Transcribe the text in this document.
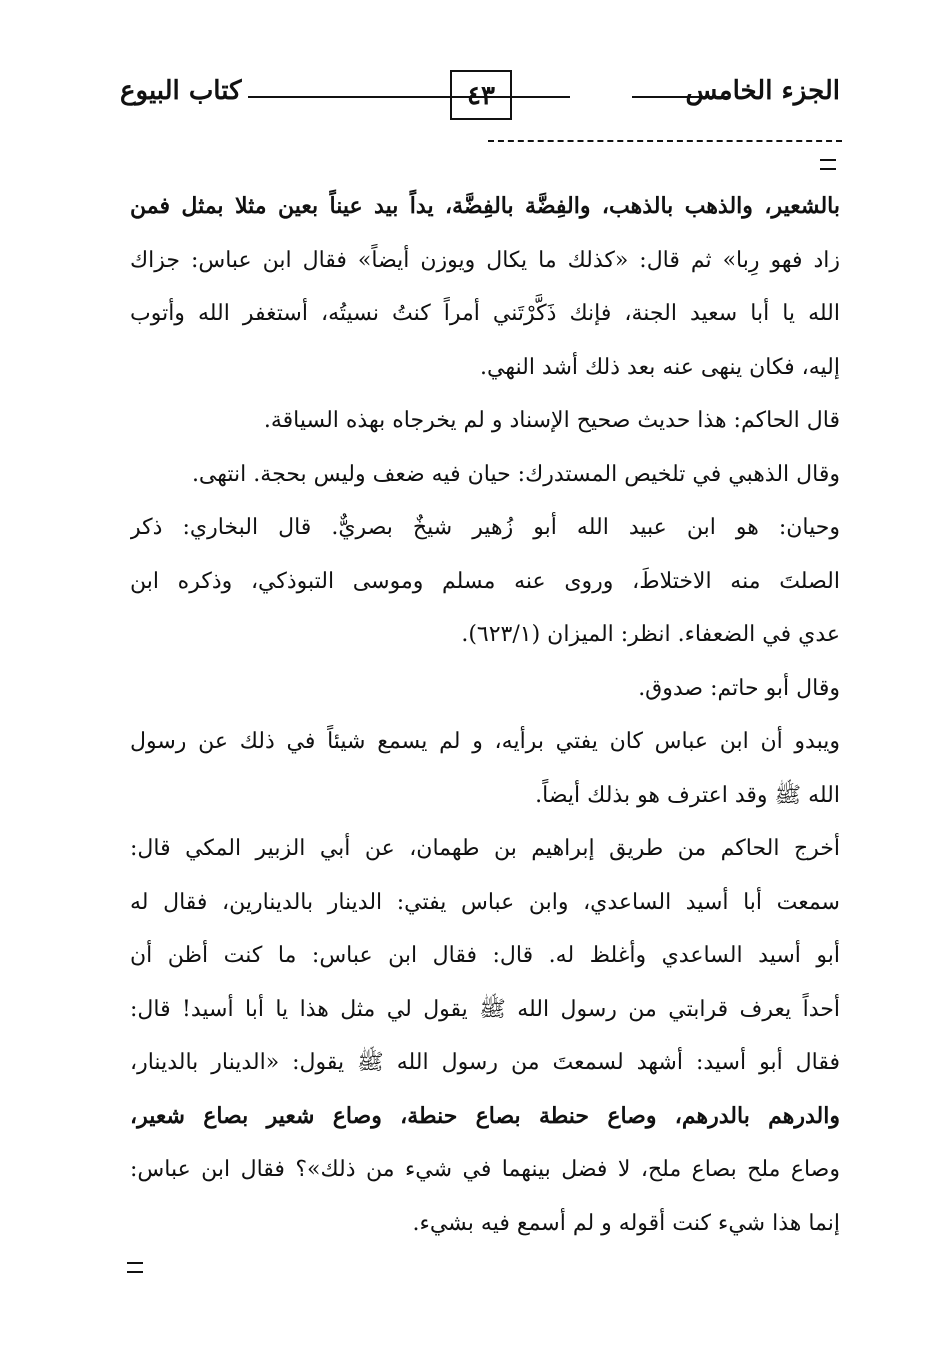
كتاب البيوع	٤٣	الجزء الخامس
بالشعير، والذهب بالذهب، والفِضَّة بالفِضَّة، يداً بيد عيناً بعين مثلا بمثل فمن
زاد فهو رِبا» ثم قال: «كذلك ما يكال ويوزن أيضاً» فقال ابن عباس: جزاك
الله يا أبا سعيد الجنة، فإنك ذَكَّرْتَني أمراً كنتُ نسيتُه، أستغفر الله وأتوب
إليه، فكان ينهى عنه بعد ذلك أشد النهي.
قال الحاكم: هذا حديث صحيح الإسناد و لم يخرجاه بهذه السياقة.
وقال الذهبي في تلخيص المستدرك: حيان فيه ضعف وليس بحجة. انتهى.
وحيان: هو ابن عبيد الله أبو زُهير شيخٌ بصريٌّ. قال البخاري: ذكر
الصلتَ منه الاختلاطَ، وروى عنه مسلم وموسى التبوذكي، وذكره ابن
عدي في الضعفاء. انظر: الميزان (٦٢٣/١).
وقال أبو حاتم: صدوق.
ويبدو أن ابن عباس كان يفتي برأيه، و لم يسمع شيئاً في ذلك عن رسول
الله ﷺ وقد اعترف هو بذلك أيضاً.
أخرج الحاكم من طريق إبراهيم بن طهمان، عن أبي الزبير المكي قال:
سمعت أبا أسيد الساعدي، وابن عباس يفتي: الدينار بالدينارين، فقال له
أبو أسيد الساعدي وأغلظ له. قال: فقال ابن عباس: ما كنت أظن أن
أحداً يعرف قرابتي من رسول الله ﷺ يقول لي مثل هذا يا أبا أسيد! قال:
فقال أبو أسيد: أشهد لسمعتَ من رسول الله ﷺ يقول: «الدينار بالدينار،
والدرهم بالدرهم، وصاع حنطة بصاع حنطة، وصاع شعير بصاع شعير،
وصاع ملح بصاع ملح، لا فضل بينهما في شيء من ذلك»؟ فقال ابن عباس:
إنما هذا شيء كنت أقوله و لم أسمع فيه بشيء.
